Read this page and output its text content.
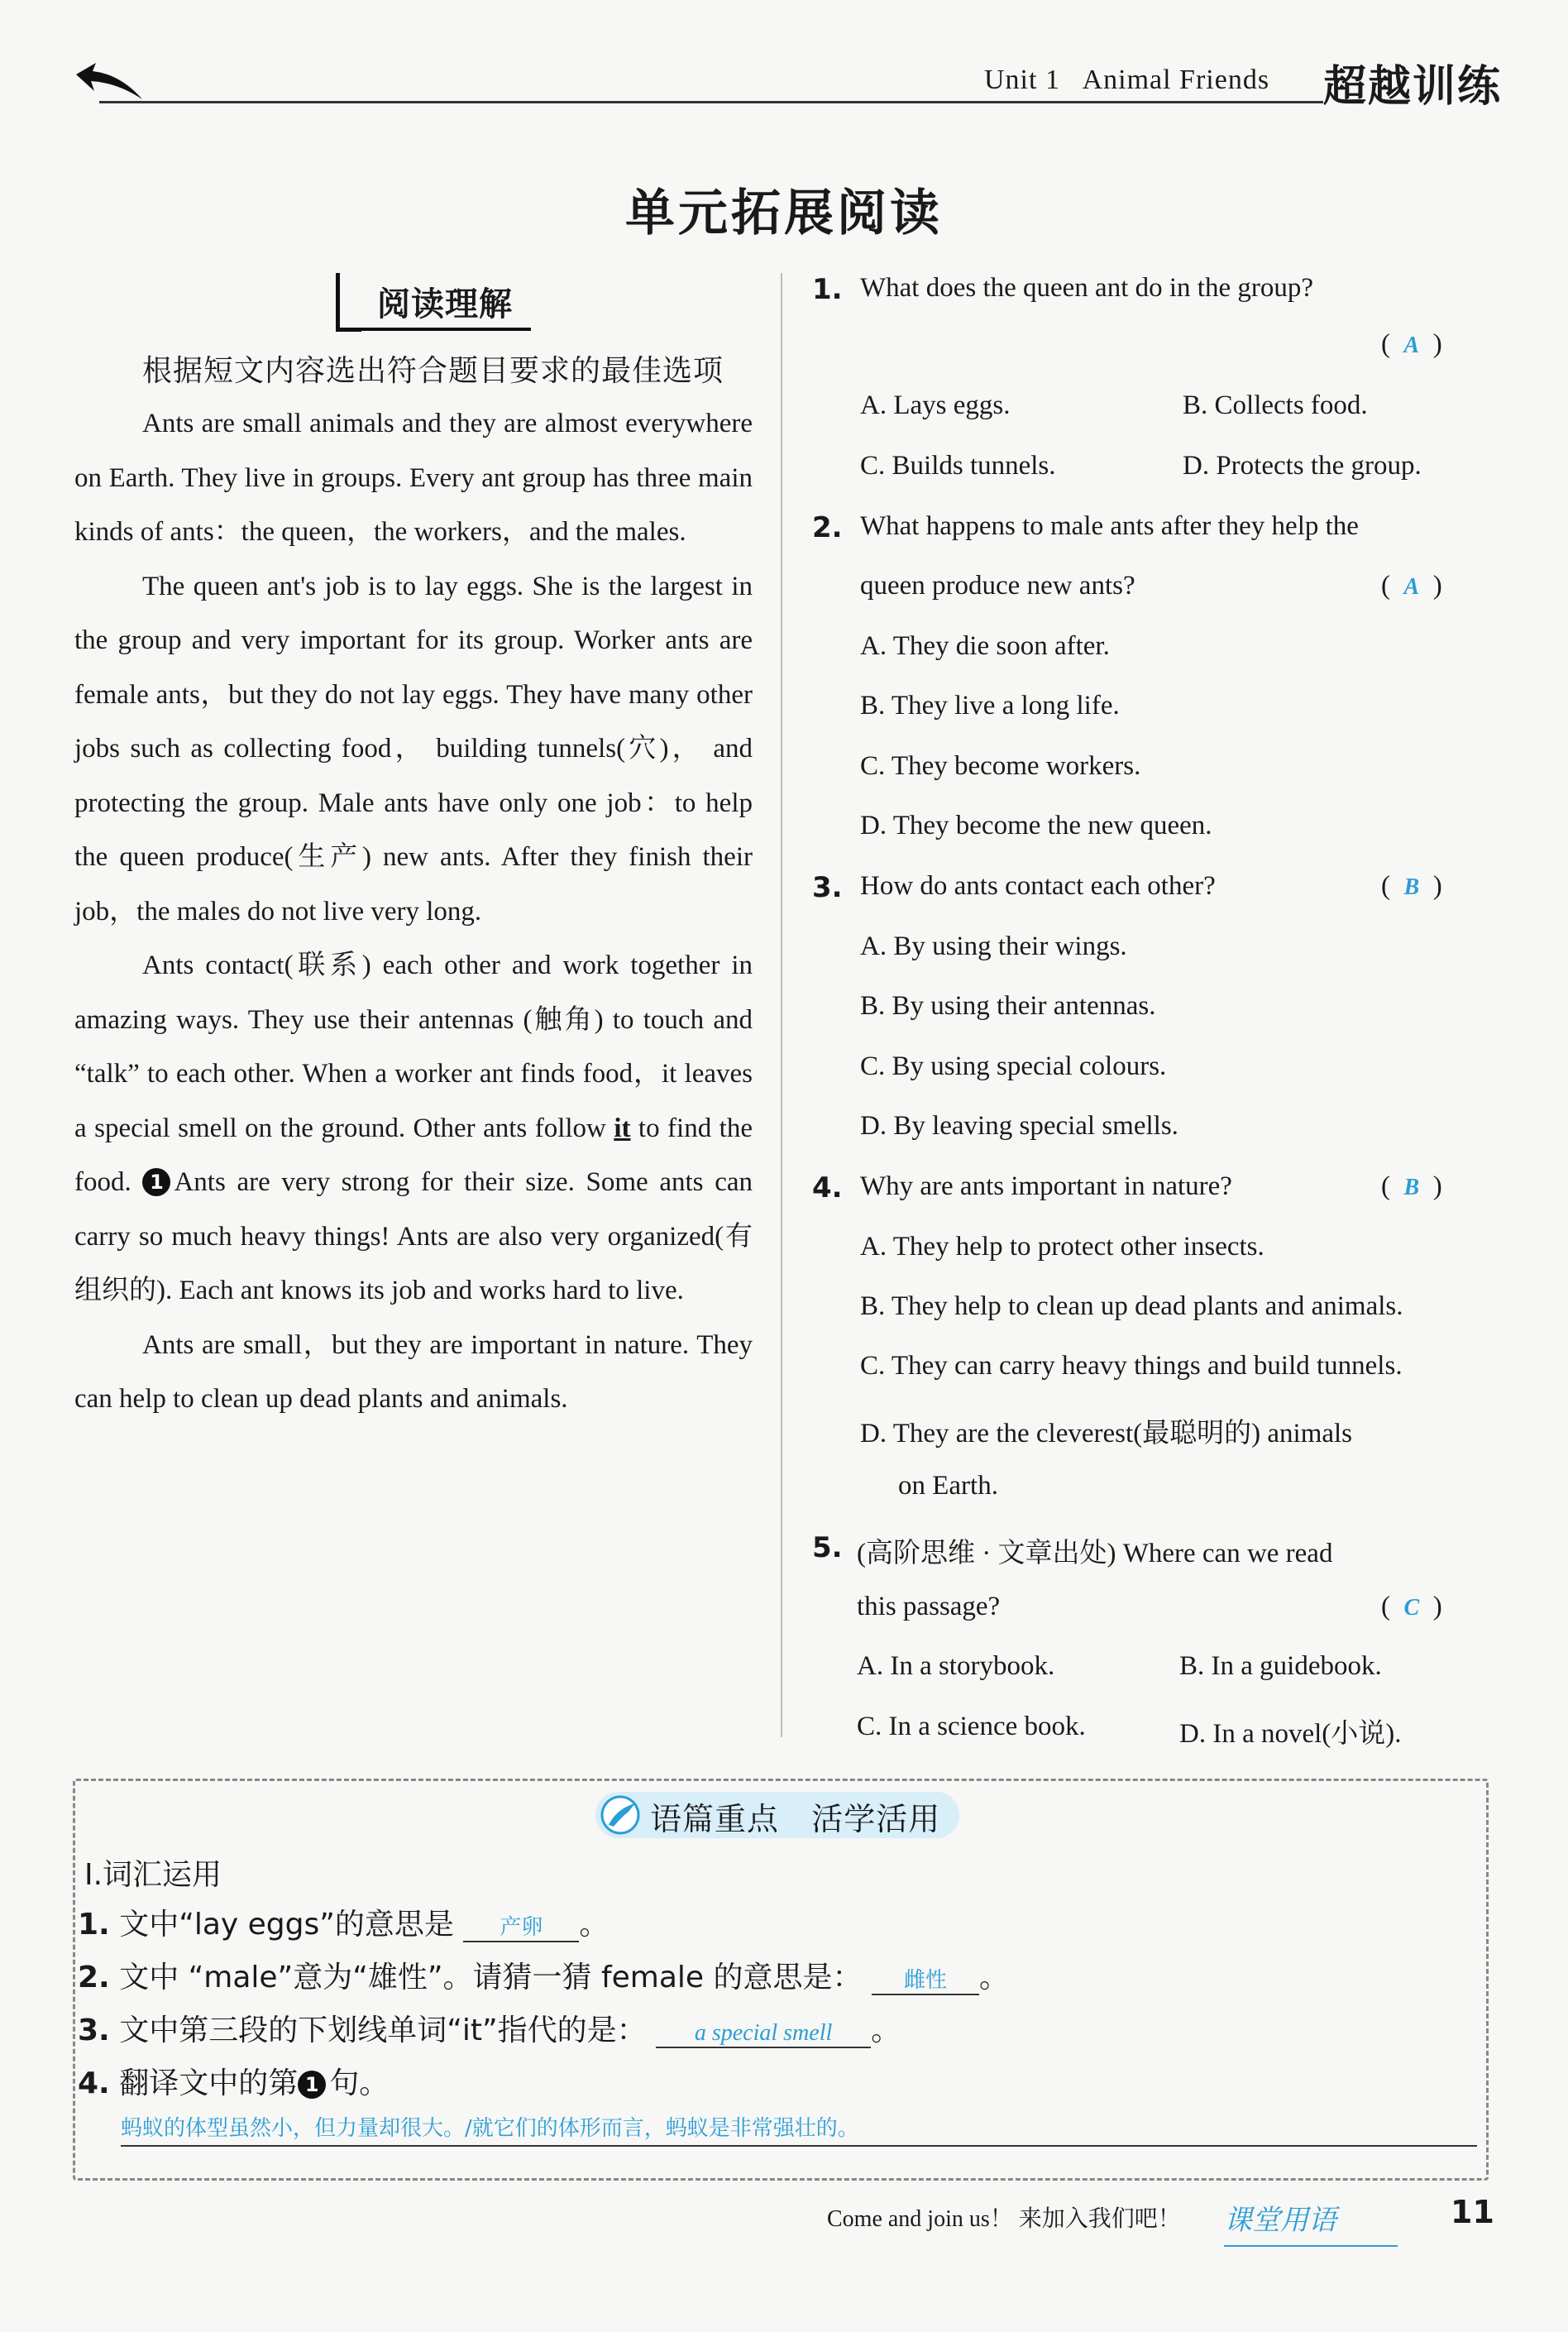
Unit 1   Animal Friends 超越训练
单元拓展阅读
阅读理解
根据短文内容选出符合题目要求的最佳选项

Ants are small animals and they are almost everywhere on Earth. They live in groups. Every ant group has three main kinds of ants：the queen，the workers，and the males.

The queen ant's job is to lay eggs. She is the largest in the group and very important for its group. Worker ants are female ants，but they do not lay eggs. They have many other jobs such as collecting food， building tunnels(穴)， and protecting the group. Male ants have only one job：to help the queen produce(生产) new ants. After they finish their job，the males do not live very long.

Ants contact(联系) each other and work together in amazing ways. They use their antennas (触角) to touch and “talk” to each other. When a worker ant finds food，it leaves a special smell on the ground. Other ants follow it to find the food. 1 Ants are very strong for their size. Some ants can carry so much heavy things! Ants are also very organized(有组织的). Each ant knows its job and works hard to live.

Ants are small，but they are important in nature. They can help to clean up dead plants and animals.

1. What does the queen ant do in the group?
(  A  )
A. Lays eggs.	B. Collects food.
C. Builds tunnels.	D. Protects the group.
2. What happens to male ants after they help the
queen produce new ants?	(  A  )
A. They die soon after.
B. They live a long life.
C. They become workers.
D. They become the new queen.
3. How do ants contact each other?	(  B  )
A. By using their wings.
B. By using their antennas.
C. By using special colours.
D. By leaving special smells.
4. Why are ants important in nature?	(  B  )
A. They help to protect other insects.
B. They help to clean up dead plants and animals.
C. They can carry heavy things and build tunnels.
D. They are the cleverest(最聪明的) animals
on Earth.
5. (高阶思维 · 文章出处) Where can we read
this passage?	(  C  )
A. In a storybook.	B. In a guidebook.
C. In a science book.	D. In a novel(小说).
语篇重点   活学活用
Ⅰ.词汇运用
1. 文中“lay eggs”的意思是 产卵 。
2. 文中 “male”意为“雄性”。请猜一猜 female 的意思是： 雌性 。
3. 文中第三段的下划线单词“it”指代的是： a special smell 。
4. 翻译文中的第 1 句。
蚂蚁的体型虽然小，但力量却很大。/就它们的体形而言，蚂蚁是非常强壮的。
Come and join us！ 来加入我们吧！ 课堂用语	11
